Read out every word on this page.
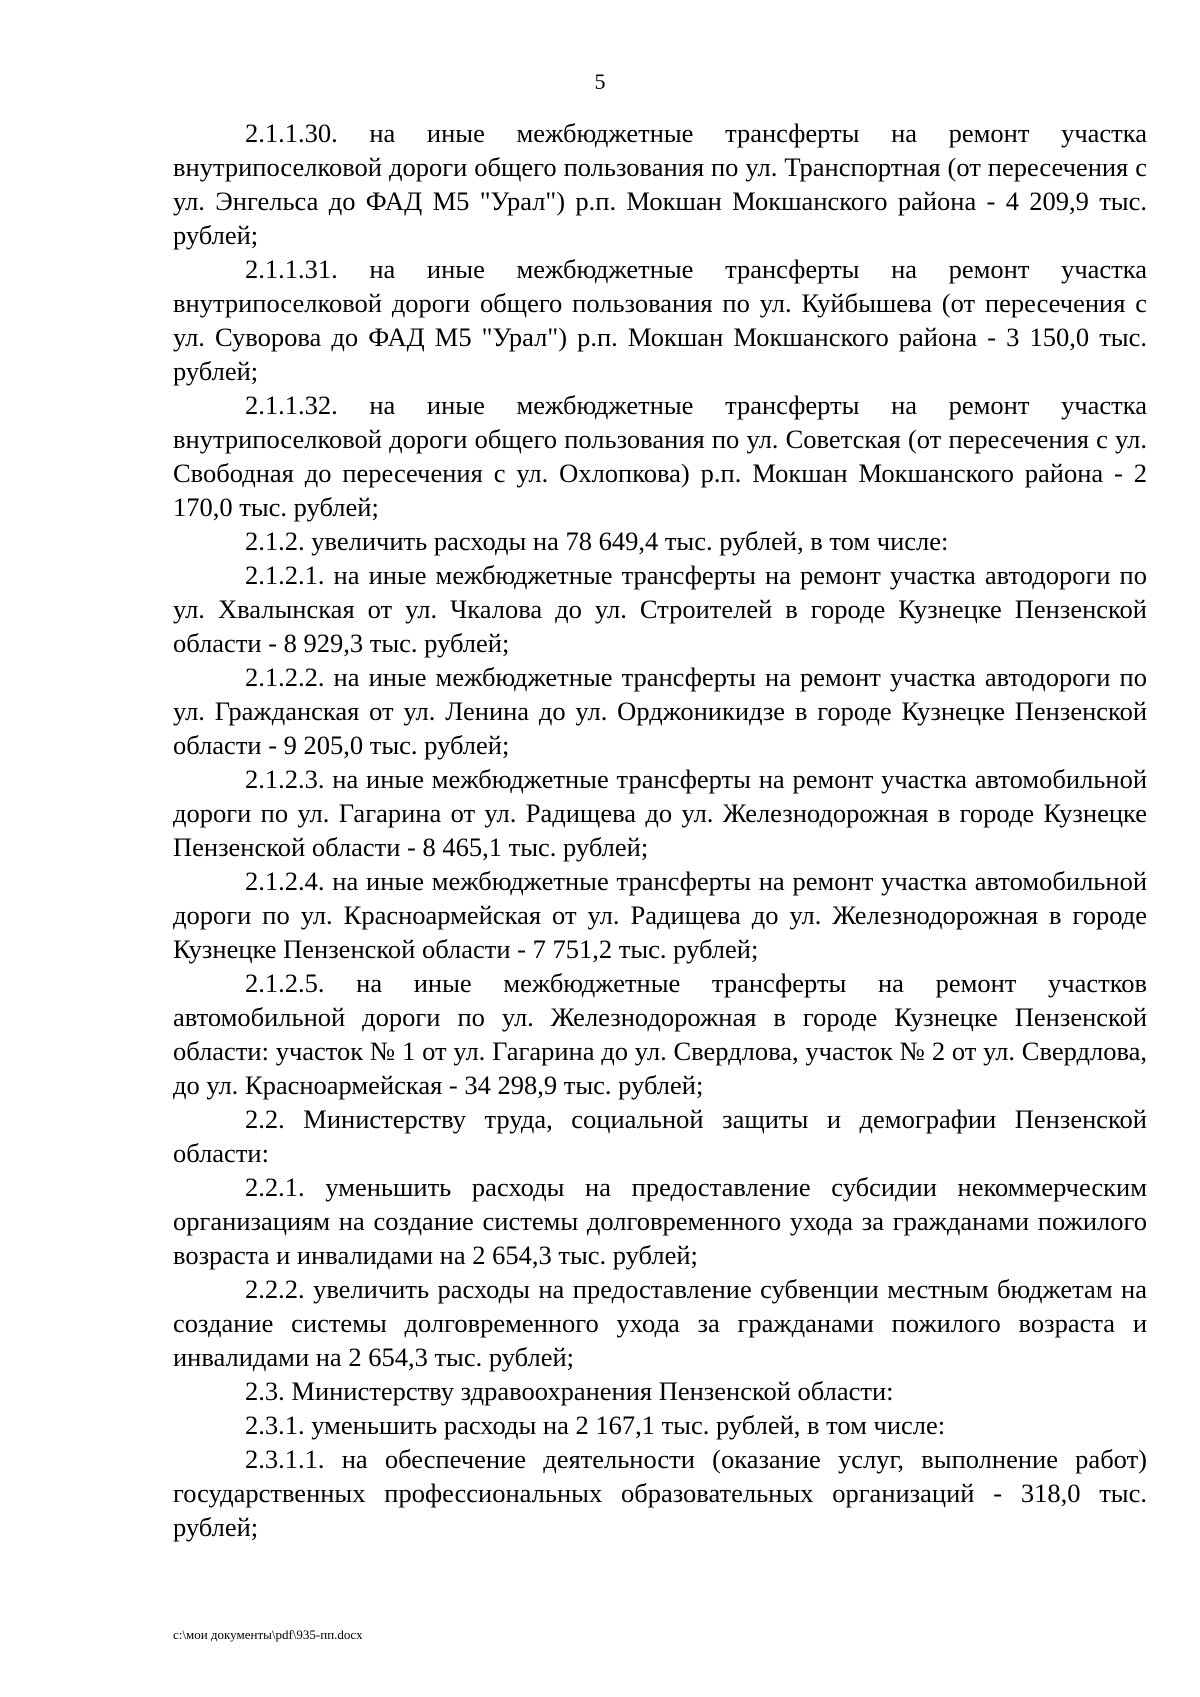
5

2.1.1.30. на иные межбюджетные трансферты на ремонт участка внутрипоселковой дороги общего пользования по ул. Транспортная (от пересечения с ул. Энгельса до ФАД М5 "Урал") р.п. Мокшан Мокшанского района - 4 209,9 тыс. рублей;

2.1.1.31. на иные межбюджетные трансферты на ремонт участка внутрипоселковой дороги общего пользования по ул. Куйбышева (от пересечения с ул. Суворова до ФАД М5 "Урал") р.п. Мокшан Мокшанского района - 3 150,0 тыс. рублей;

2.1.1.32. на иные межбюджетные трансферты на ремонт участка внутрипоселковой дороги общего пользования по ул. Советская (от пересечения с ул. Свободная до пересечения с ул. Охлопкова) р.п. Мокшан Мокшанского района - 2 170,0 тыс. рублей;

2.1.2. увеличить расходы на 78 649,4 тыс. рублей, в том числе:

2.1.2.1. на иные межбюджетные трансферты на ремонт участка автодороги по ул. Хвалынская от ул. Чкалова до ул. Строителей в городе Кузнецке Пензенской области - 8 929,3 тыс. рублей;

2.1.2.2. на иные межбюджетные трансферты на ремонт участка автодороги по ул. Гражданская от ул. Ленина до ул. Орджоникидзе в городе Кузнецке Пензенской области - 9 205,0 тыс. рублей;

2.1.2.3. на иные межбюджетные трансферты на ремонт участка автомобильной дороги по ул. Гагарина от ул. Радищева до ул. Железнодорожная в городе Кузнецке Пензенской области - 8 465,1 тыс. рублей;

2.1.2.4. на иные межбюджетные трансферты на ремонт участка автомобильной дороги по ул. Красноармейская от ул. Радищева до ул. Железнодорожная в городе Кузнецке Пензенской области - 7 751,2 тыс. рублей;

2.1.2.5. на иные межбюджетные трансферты на ремонт участков автомобильной дороги по ул. Железнодорожная в городе Кузнецке Пензенской области: участок № 1 от ул. Гагарина до ул. Свердлова, участок № 2 от ул. Свердлова, до ул. Красноармейская - 34 298,9 тыс. рублей;

2.2. Министерству труда, социальной защиты и демографии Пензенской области:

2.2.1. уменьшить расходы на предоставление субсидии некоммерческим организациям на создание системы долговременного ухода за гражданами пожилого возраста и инвалидами на 2 654,3 тыс. рублей;

2.2.2. увеличить расходы на предоставление субвенции местным бюджетам на создание системы долговременного ухода за гражданами пожилого возраста и инвалидами на 2 654,3 тыс. рублей;

2.3. Министерству здравоохранения Пензенской области:

2.3.1. уменьшить расходы на 2 167,1 тыс. рублей, в том числе:

2.3.1.1. на обеспечение деятельности (оказание услуг, выполнение работ) государственных профессиональных образовательных организаций - 318,0 тыс. рублей;

c:\мои документы\pdf\935-пп.docx
